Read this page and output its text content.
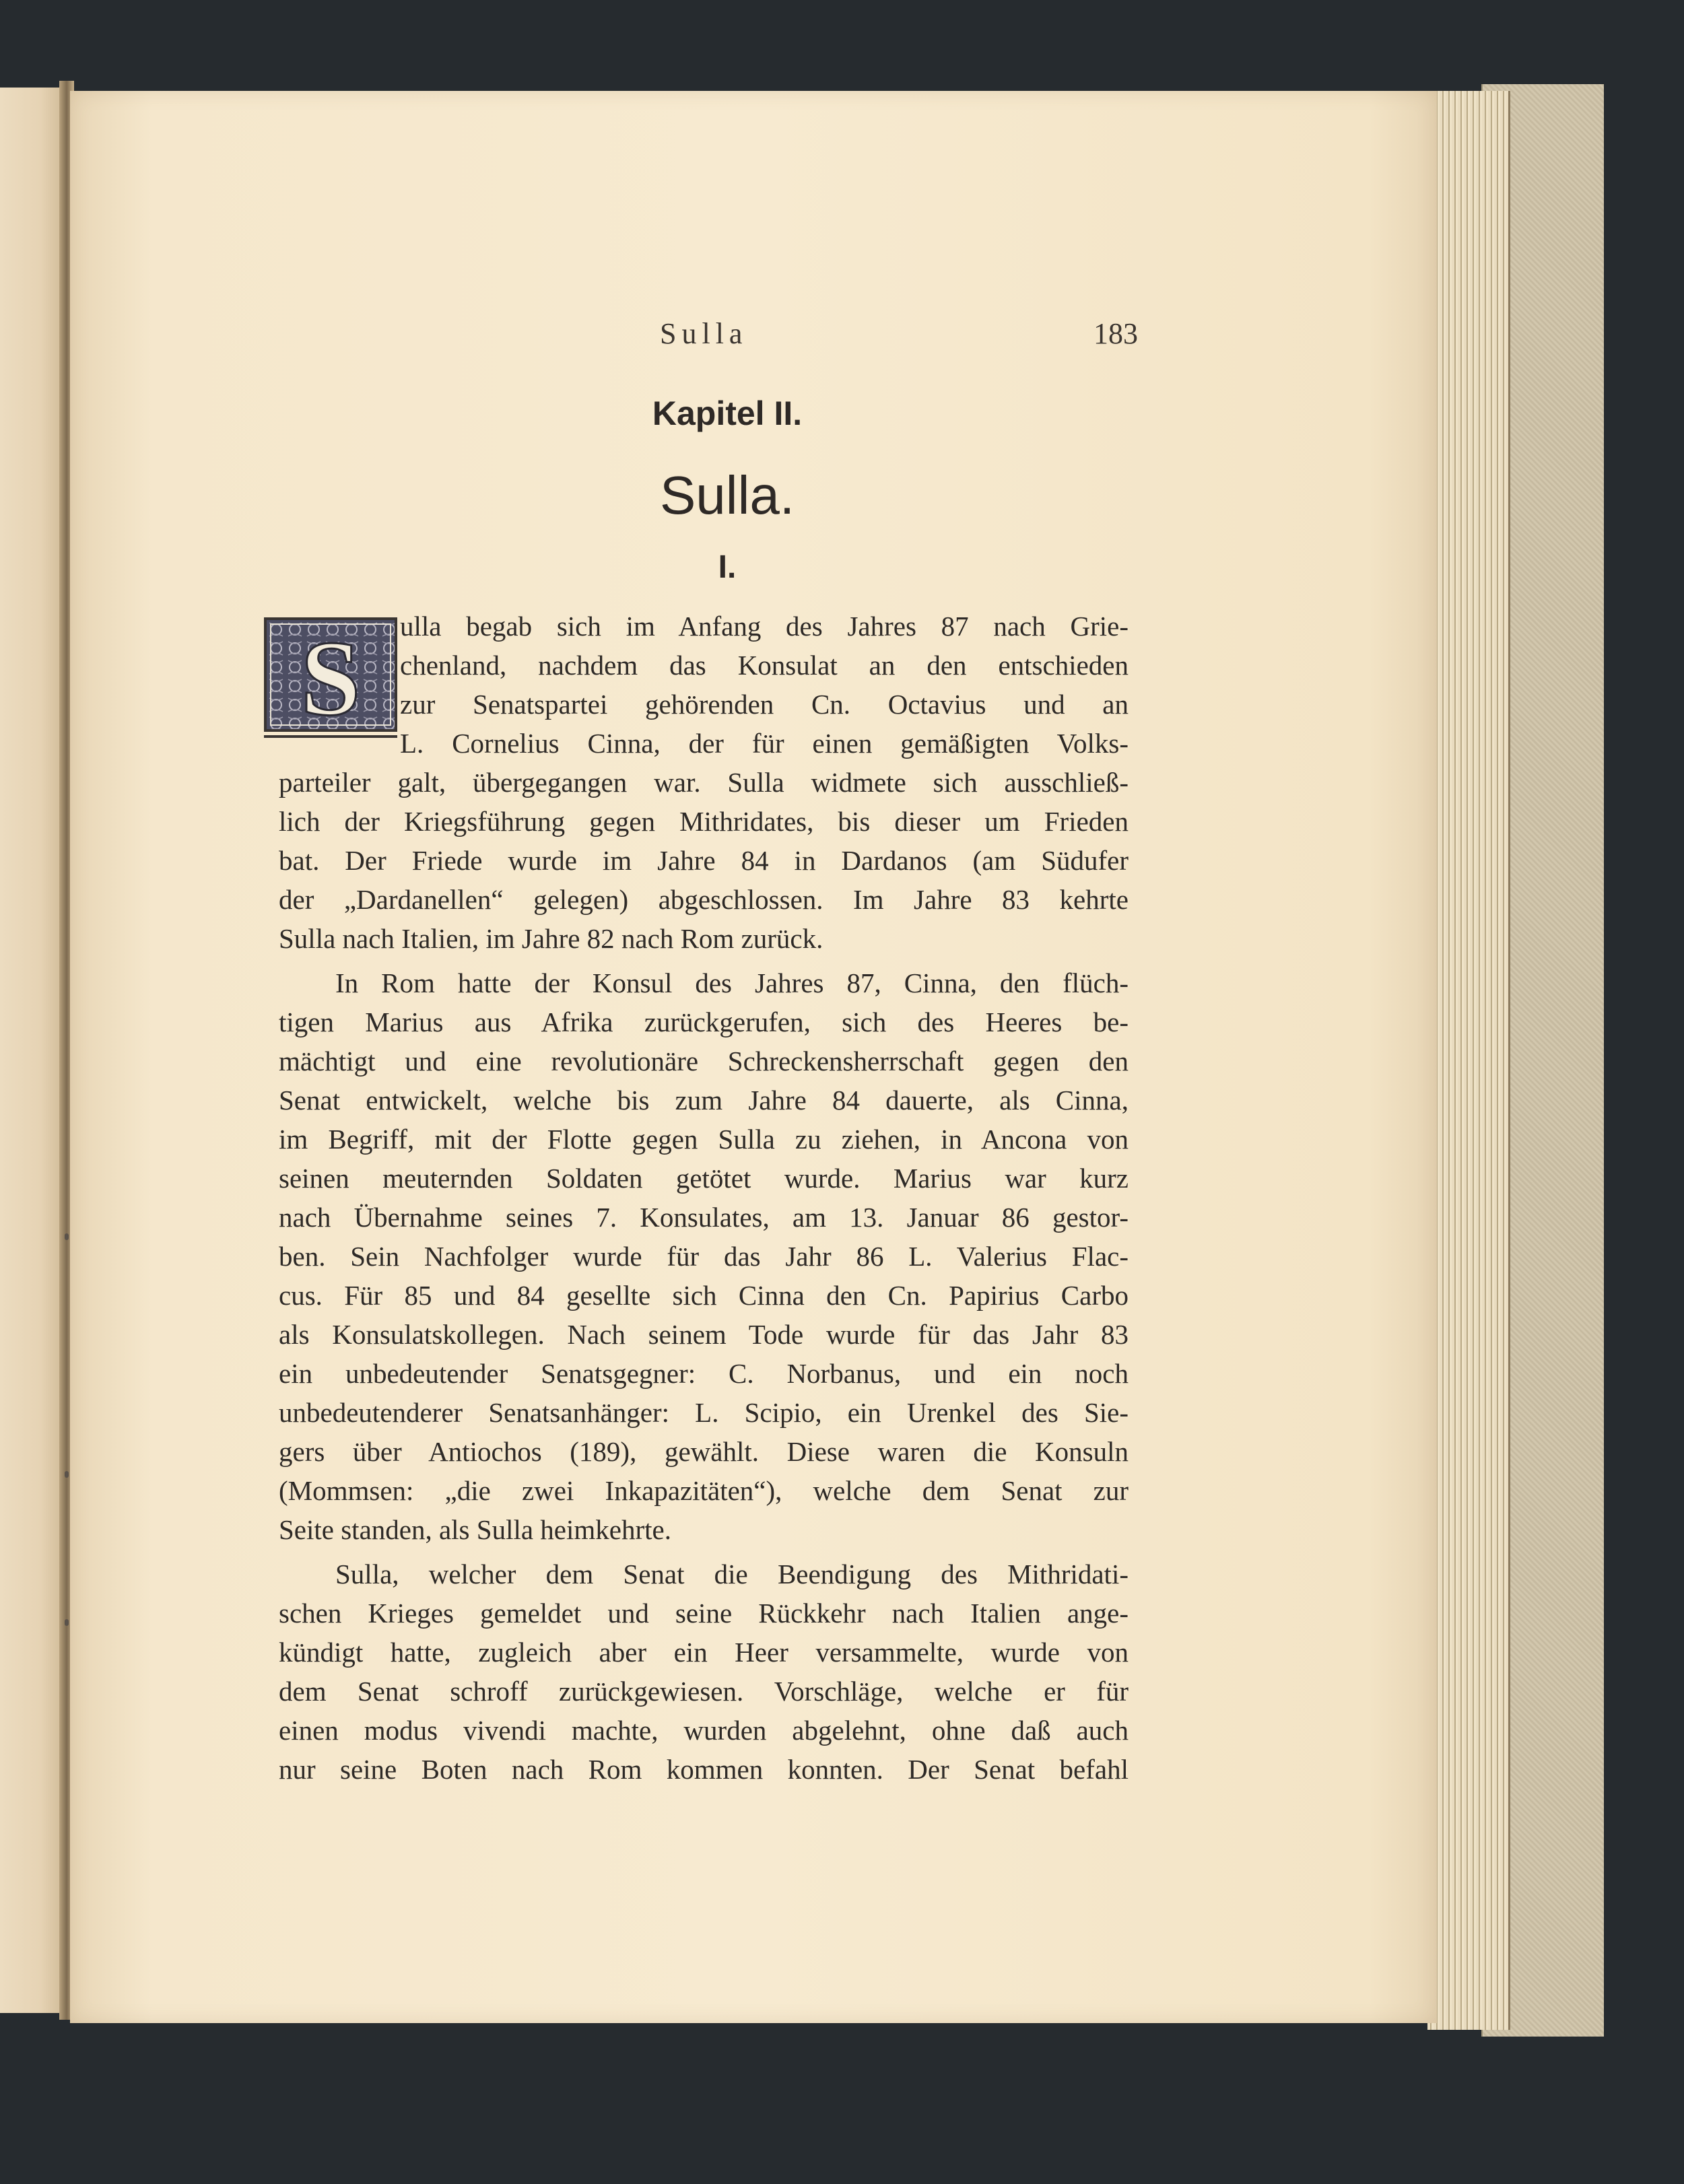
Sulla	183
Kapitel II.
Sulla.
I.
S ulla begab sich im Anfang des Jahres 87 nach Grie-

chenland, nachdem das Konsulat an den entschieden

zur Senatspartei gehörenden Cn. Octavius und an

L. Cornelius Cinna, der für einen gemäßigten Volks-

parteiler galt, übergegangen war. Sulla widmete sich ausschließ-

lich der Kriegsführung gegen Mithridates, bis dieser um Frieden

bat. Der Friede wurde im Jahre 84 in Dardanos (am Südufer

der „Dardanellen“ gelegen) abgeschlossen. Im Jahre 83 kehrte

Sulla nach Italien, im Jahre 82 nach Rom zurück.

In Rom hatte der Konsul des Jahres 87, Cinna, den flüch-

tigen Marius aus Afrika zurückgerufen, sich des Heeres be-

mächtigt und eine revolutionäre Schreckensherrschaft gegen den

Senat entwickelt, welche bis zum Jahre 84 dauerte, als Cinna,

im Begriff, mit der Flotte gegen Sulla zu ziehen, in Ancona von

seinen meuternden Soldaten getötet wurde. Marius war kurz

nach Übernahme seines 7. Konsulates, am 13. Januar 86 gestor-

ben. Sein Nachfolger wurde für das Jahr 86 L. Valerius Flac-

cus. Für 85 und 84 gesellte sich Cinna den Cn. Papirius Carbo

als Konsulatskollegen. Nach seinem Tode wurde für das Jahr 83

ein unbedeutender Senatsgegner: C. Norbanus, und ein noch

unbedeutenderer Senatsanhänger: L. Scipio, ein Urenkel des Sie-

gers über Antiochos (189), gewählt. Diese waren die Konsuln

(Mommsen: „die zwei Inkapazitäten“), welche dem Senat zur

Seite standen, als Sulla heimkehrte.

Sulla, welcher dem Senat die Beendigung des Mithridati-

schen Krieges gemeldet und seine Rückkehr nach Italien ange-

kündigt hatte, zugleich aber ein Heer versammelte, wurde von

dem Senat schroff zurückgewiesen. Vorschläge, welche er für

einen modus vivendi machte, wurden abgelehnt, ohne daß auch

nur seine Boten nach Rom kommen konnten. Der Senat befahl
